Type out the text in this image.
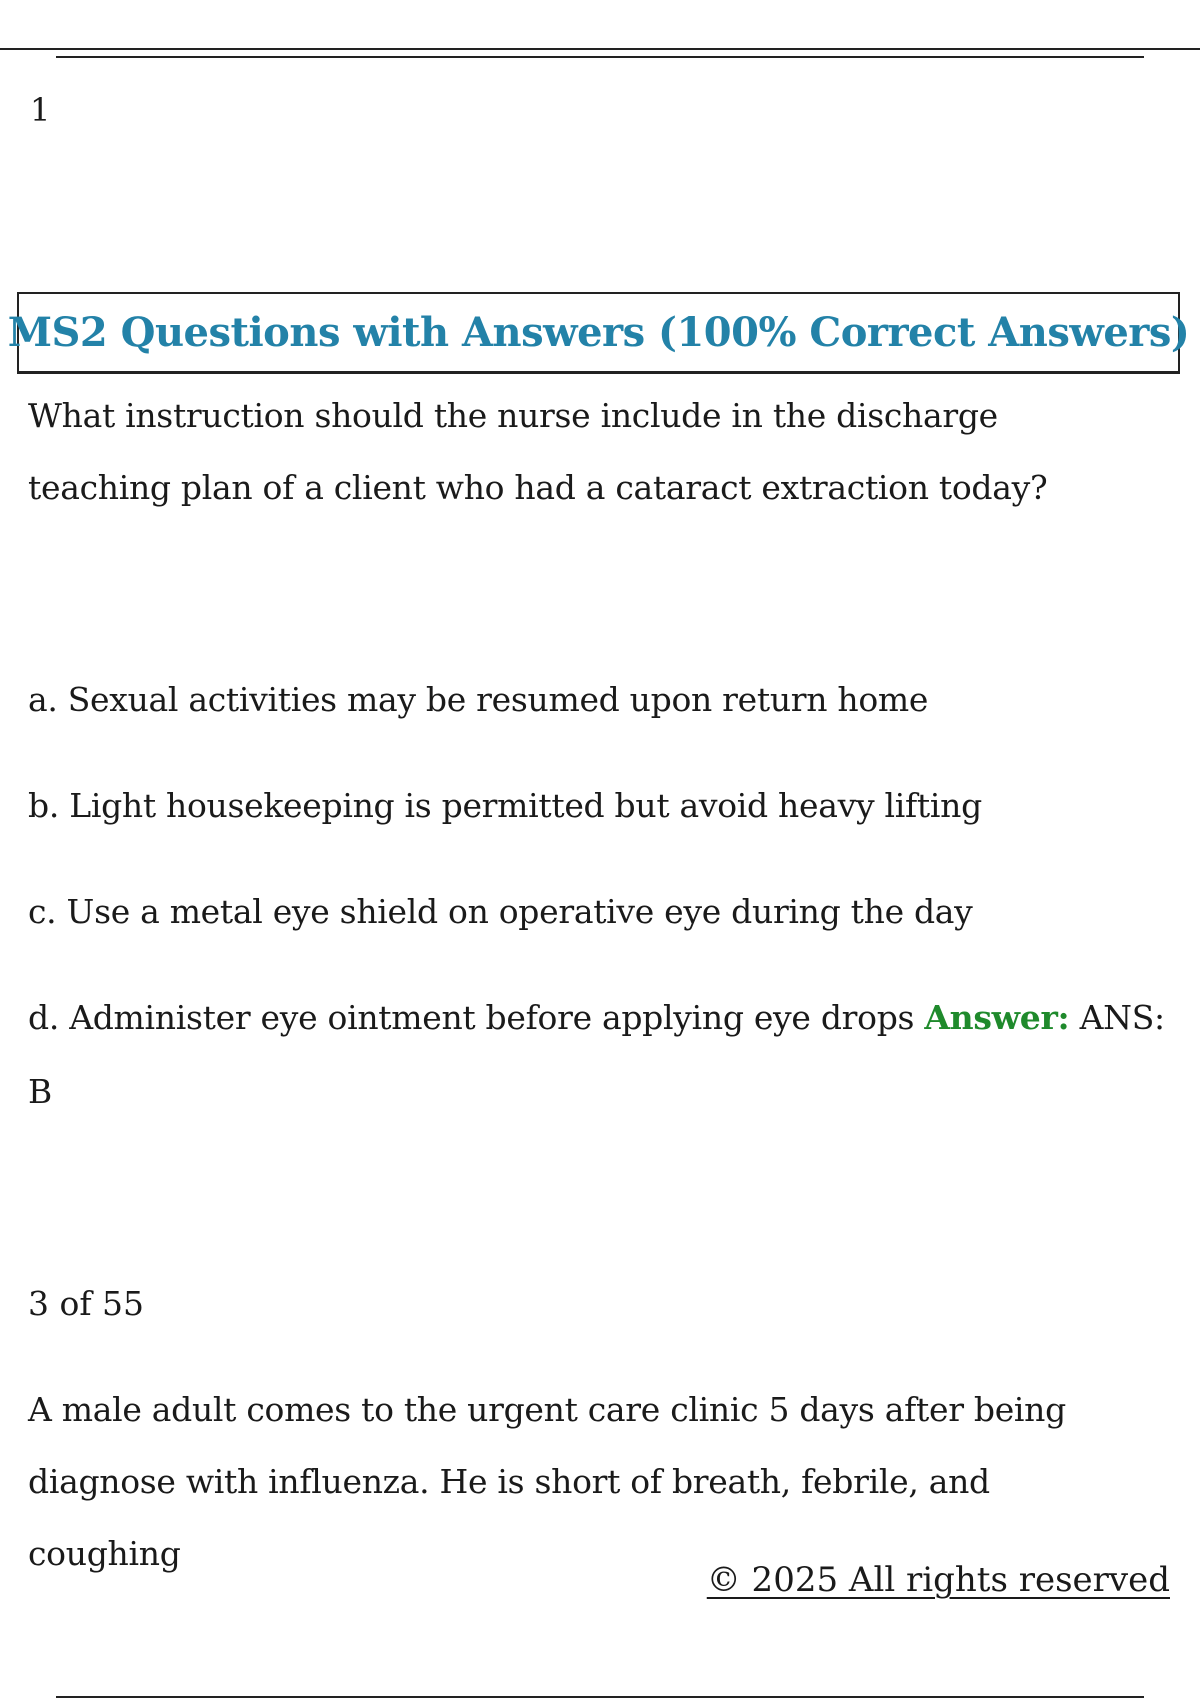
1
MS2 Questions with Answers (100% Correct Answers)
What instruction should the nurse include in the discharge teaching plan of a client who had a cataract extraction today?
a. Sexual activities may be resumed upon return home
b. Light housekeeping is permitted but avoid heavy lifting
c. Use a metal eye shield on operative eye during the day
d. Administer eye ointment before applying eye drops Answer: ANS:
B
3 of 55
A male adult comes to the urgent care clinic 5 days after being diagnose with influenza. He is short of breath, febrile, and coughing
© 2025 All rights reserved
